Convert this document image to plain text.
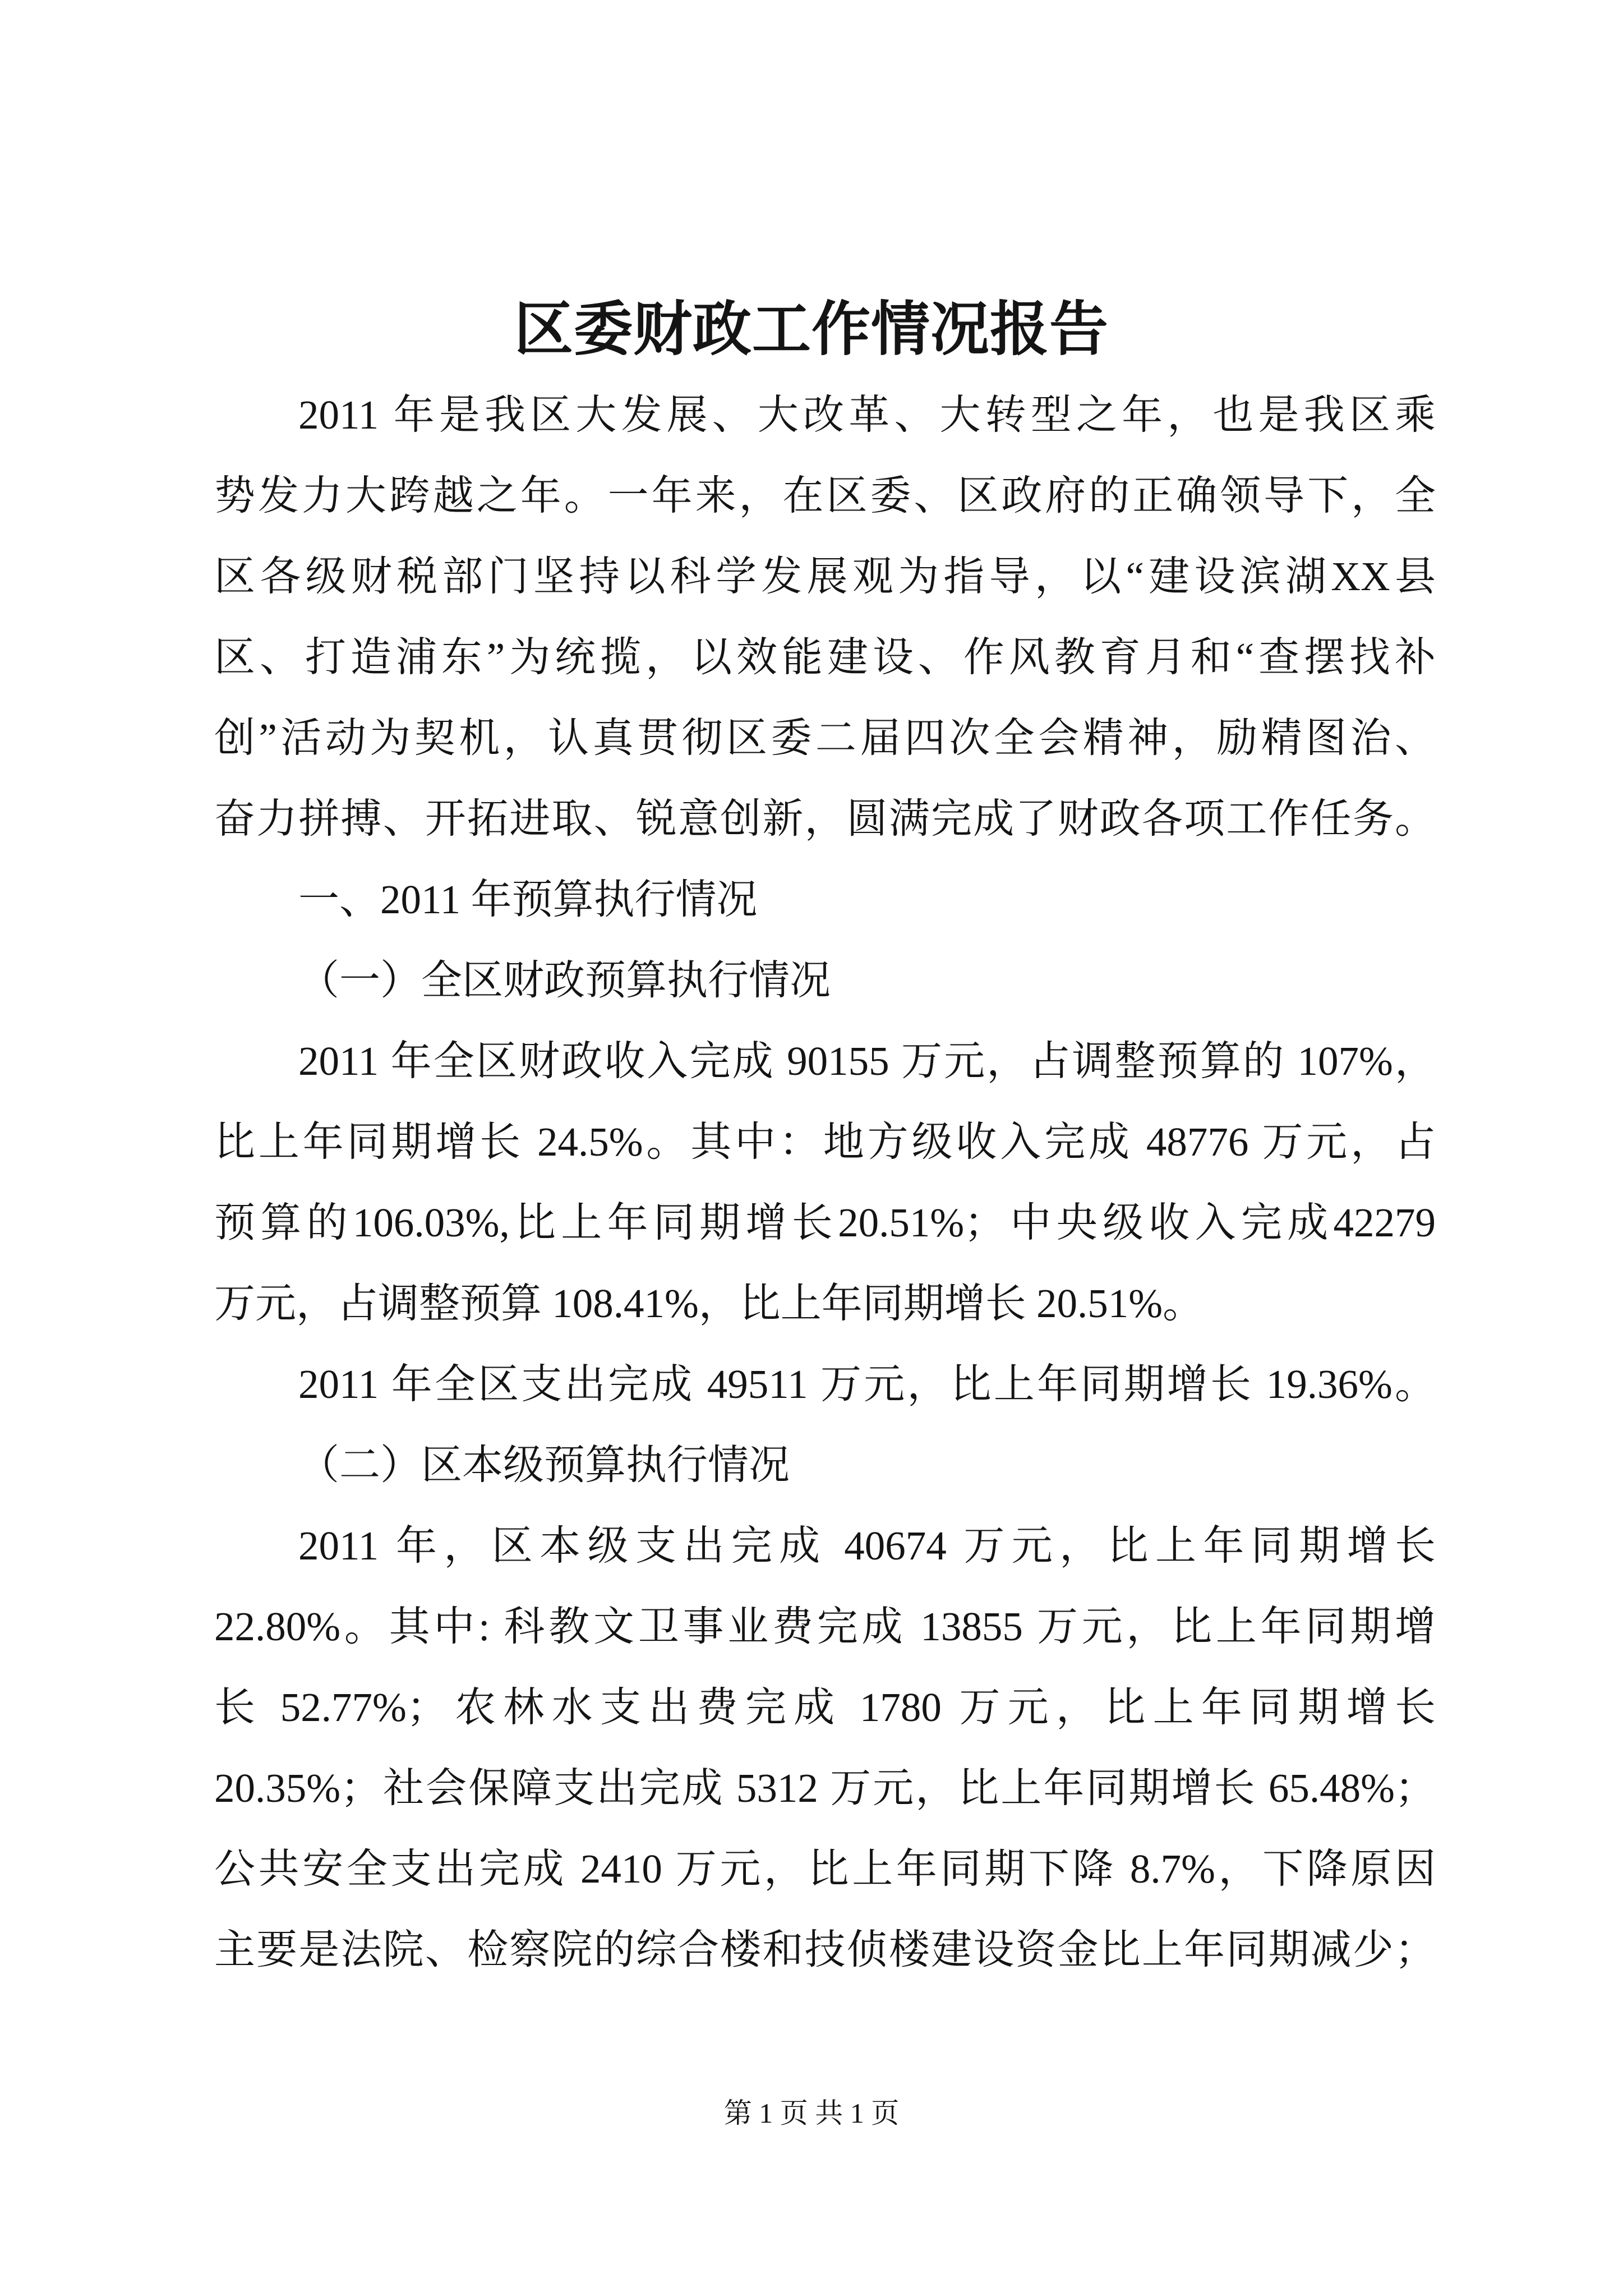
区委财政工作情况报告
2011 年是我区大发展、大改革、大转型之年，也是我区乘
势发力大跨越之年。一年来，在区委、区政府的正确领导下，全
区各级财税部门坚持以科学发展观为指导，以“建设滨湖XX县
区、打造浦东”为统揽，以效能建设、作风教育月和“查摆找补
创”活动为契机，认真贯彻区委二届四次全会精神，励精图治、
奋力拼搏、开拓进取、锐意创新，圆满完成了财政各项工作任务。
一、2011 年预算执行情况
（一）全区财政预算执行情况
2011 年全区财政收入完成 90155 万元，占调整预算的 107%，
比上年同期增长 24.5%。其中：地方级收入完成 48776 万元，占
预算的106.03%,比上年同期增长20.51%；中央级收入完成42279
万元，占调整预算 108.41%，比上年同期增长 20.51%。
2011 年全区支出完成 49511 万元，比上年同期增长 19.36%。
（二）区本级预算执行情况
2011 年，区本级支出完成 40674 万元，比上年同期增长
22.80%。其中: 科教文卫事业费完成 13855 万元，比上年同期增
长 52.77%；农林水支出费完成 1780 万元，比上年同期增长
20.35%；社会保障支出完成 5312 万元，比上年同期增长 65.48%；
公共安全支出完成 2410 万元，比上年同期下降 8.7%，下降原因
主要是法院、检察院的综合楼和技侦楼建设资金比上年同期减少；
第 1 页 共 1 页
